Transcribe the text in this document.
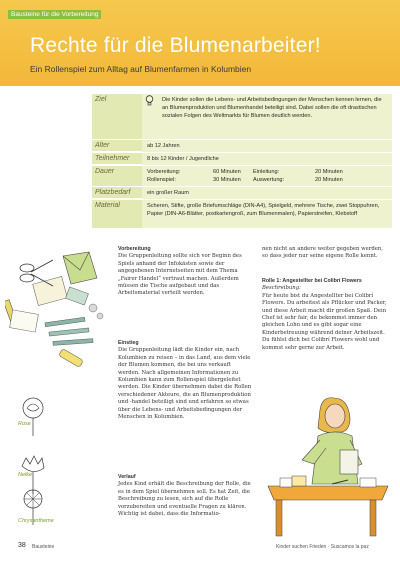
Bausteine für die Vorbereitung
Rechte für die Blumenarbeiter!
Ein Rollenspiel zum Alltag auf Blumenfarmen in Kolumbien
Ziel	Die Kinder sollen die Lebens- und Arbeitsbedingungen der Menschen kennen lernen, die an Blumenproduktion und Blumenhandel beteiligt sind. Dabei sollen die oft drastischen sozialen Folgen des Weltmarkts für Blumen deutlich werden.
Alter	ab 12 Jahren
Teilnehmer	8 bis 12 Kinder / Jugendliche
Dauer	Vorbereitung:	60 Minuten	Einleitung:	20 Minuten
Rollenspiel:	30 Minuten	Auswertung:	20 Minuten
Platzbedarf	ein großer Raum
Material	Scheren, Stifte, große Briefumschläge (DIN-A4), Spielgeld, mehrere Tische, zwei Stoppuhren, Papier (DIN-A6-Blätter, postkartengroß, zum Blumenmalen), Papierstreifen, Klebstoff
Rose
Nelke
Chrysantheme
Vorbereitung
Die Gruppenleitung sollte sich vor Beginn des Spiels anhand der Infokästen sowie der angegebenen Internetseiten mit dem Thema „Fairer Handel“ vertraut machen. Außerdem müssen die Tische aufgebaut und das Arbeitsmaterial verteilt werden.
Einstieg
Die Gruppenleitung lädt die Kinder ein, nach Kolumbien zu reisen – in das Land, aus dem viele der Blumen kommen, die bei uns verkauft werden. Nach allgemeinen Informationen zu Kolumbien kann zum Rollenspiel übergeleitet werden. Die Kinder übernehmen dabei die Rollen verschiedener Akteure, die an Blumenproduktion und -handel beteiligt sind und erfahren so etwas über die Lebens- und Arbeitsbedingungen der Menschen in Kolumbien.
Verlauf
Jedes Kind erhält die Beschreibung der Rolle, die es in dem Spiel übernehmen soll. Es hat Zeit, die Beschreibung zu lesen, sich auf die Rolle vorzubereiten und eventuelle Fragen zu klären. Wichtig ist dabei, dass die Informatio-
nen nicht an andere weiter gegeben werden, so dass jeder nur seine eigene Rolle kennt.
Rolle 1: Angestellter bei Colibrí Flowers
Beschreibung:
Für heute bist du Angestellter bei Colibrí Flowers. Du arbeitest als Pflücker und Packer, und diese Arbeit macht dir großen Spaß. Dein Chef ist sehr fair, du bekommst immer den gleichen Lohn und es gibt sogar eine Kinderbetreuung während deiner Arbeitszeit. Du fühlst dich bei Colibrí Flowers wohl und kommst sehr gerne zur Arbeit.
38 Bausteine	Kinder suchen Frieden · Suscamos la paz
